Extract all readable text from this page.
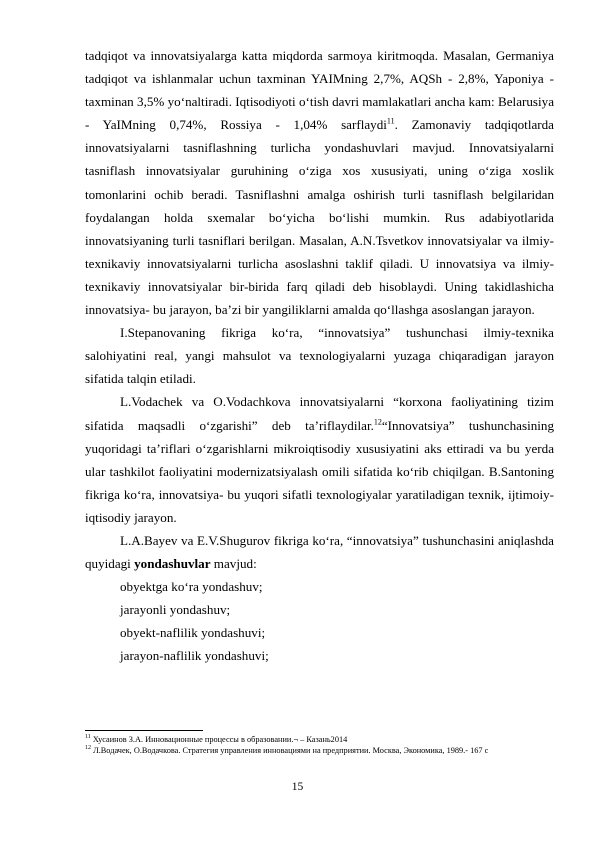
tadqiqot va innovatsiyalarga katta miqdorda sarmoya kiritmoqda. Masalan, Germaniya tadqiqot va ishlanmalar uchun taxminan YAIMning 2,7%, AQSh - 2,8%, Yaponiya - taxminan 3,5% yo‘naltiradi. Iqtisodiyoti o‘tish davri mamlakatlari ancha kam: Belarusiya - YaIMning 0,74%, Rossiya - 1,04% sarflaydi$^{11}$. Zamonaviy tadqiqotlarda innovatsiyalarni tasniflashning turlicha yondashuvlari mavjud. Innovatsiyalarni tasniflash innovatsiyalar guruhining o‘ziga xos xususiyati, uning o‘ziga xoslik tomonlarini ochib beradi. Tasniflashni amalga oshirish turli tasniflash belgilaridan foydalangan holda sxemalar bo‘yicha bo‘lishi mumkin. Rus adabiyotlarida innovatsiyaning turli tasniflari berilgan. Masalan, A.N.Tsvetkov innovatsiyalar va ilmiy-texnikaviy innovatsiyalarni turlicha asoslashni taklif qiladi. U innovatsiya va ilmiy- texnikaviy innovatsiyalar bir-birida farq qiladi deb hisoblaydi. Uning takidlashicha innovatsiya- bu jarayon, ba’zi bir yangiliklarni amalda qo‘llashga asoslangan jarayon.

I.Stepanovaning fikriga ko‘ra, “innovatsiya” tushunchasi ilmiy-texnika salohiyatini real, yangi mahsulot va texnologiyalarni yuzaga chiqaradigan jarayon sifatida talqin etiladi.

L.Vodachek va O.Vodachkova innovatsiyalarni “korxona faoliyatining tizim sifatida maqsadli o‘zgarishi” deb ta’riflaydilar.$^{12}$“Innovatsiya” tushunchasining yuqoridagi ta’riflari o‘zgarishlarni mikroiqtisodiy xususiyatini aks ettiradi va bu yerda ular tashkilot faoliyatini modernizatsiyalash omili sifatida ko‘rib chiqilgan. B.Santoning fikriga ko‘ra, innovatsiya- bu yuqori sifatli texnologiyalar yaratiladigan texnik, ijtimoiy-iqtisodiy jarayon.

L.A.Bayev va E.V.Shugurov fikriga ko‘ra, “innovatsiya” tushunchasini aniqlashda quyidagi yondashuvlar mavjud:

obyektga ko‘ra yondashuv;

jarayonli yondashuv;

obyekt-naflilik yondashuvi;

jarayon-naflilik yondashuvi;

$^{11}$ Хусаинов З.А. Инновационные процессы в образовании.¬ – Казань2014

$^{12}$ Л.Водачек, О.Водачкова. Стратегия управления инновациями на предприятии. Москва, Экономика, 1989.- 167 с

15
